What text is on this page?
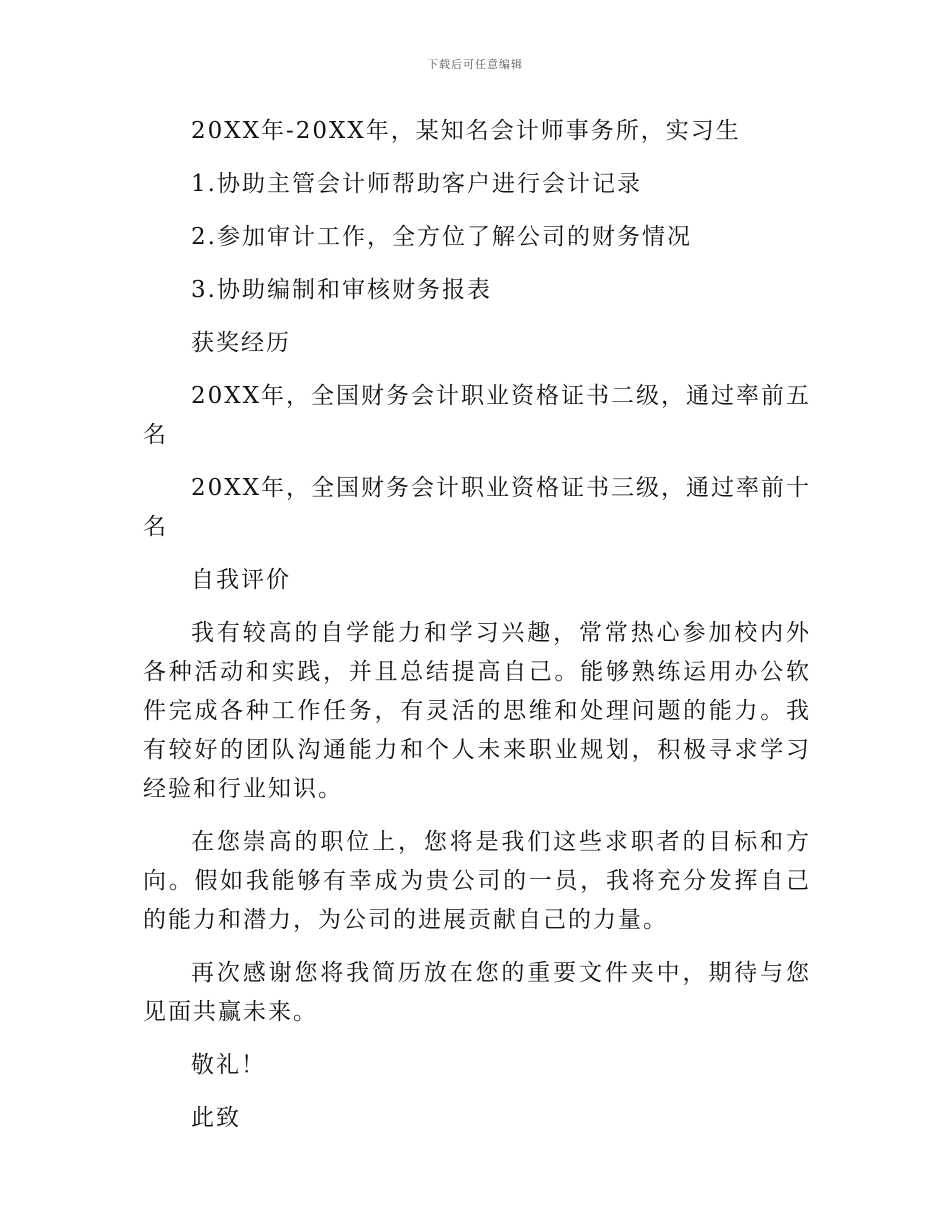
下载后可任意编辑

20XX年-20XX年，某知名会计师事务所，实习生

1.协助主管会计师帮助客户进行会计记录

2.参加审计工作，全方位了解公司的财务情况

3.协助编制和审核财务报表

获奖经历

20XX年，全国财务会计职业资格证书二级，通过率前五名

20XX年，全国财务会计职业资格证书三级，通过率前十名

自我评价

我有较高的自学能力和学习兴趣，常常热心参加校内外各种活动和实践，并且总结提高自己。能够熟练运用办公软件完成各种工作任务，有灵活的思维和处理问题的能力。我有较好的团队沟通能力和个人未来职业规划，积极寻求学习经验和行业知识。

在您崇高的职位上，您将是我们这些求职者的目标和方向。假如我能够有幸成为贵公司的一员，我将充分发挥自己的能力和潜力，为公司的进展贡献自己的力量。

再次感谢您将我简历放在您的重要文件夹中，期待与您见面共赢未来。

敬礼！

此致
